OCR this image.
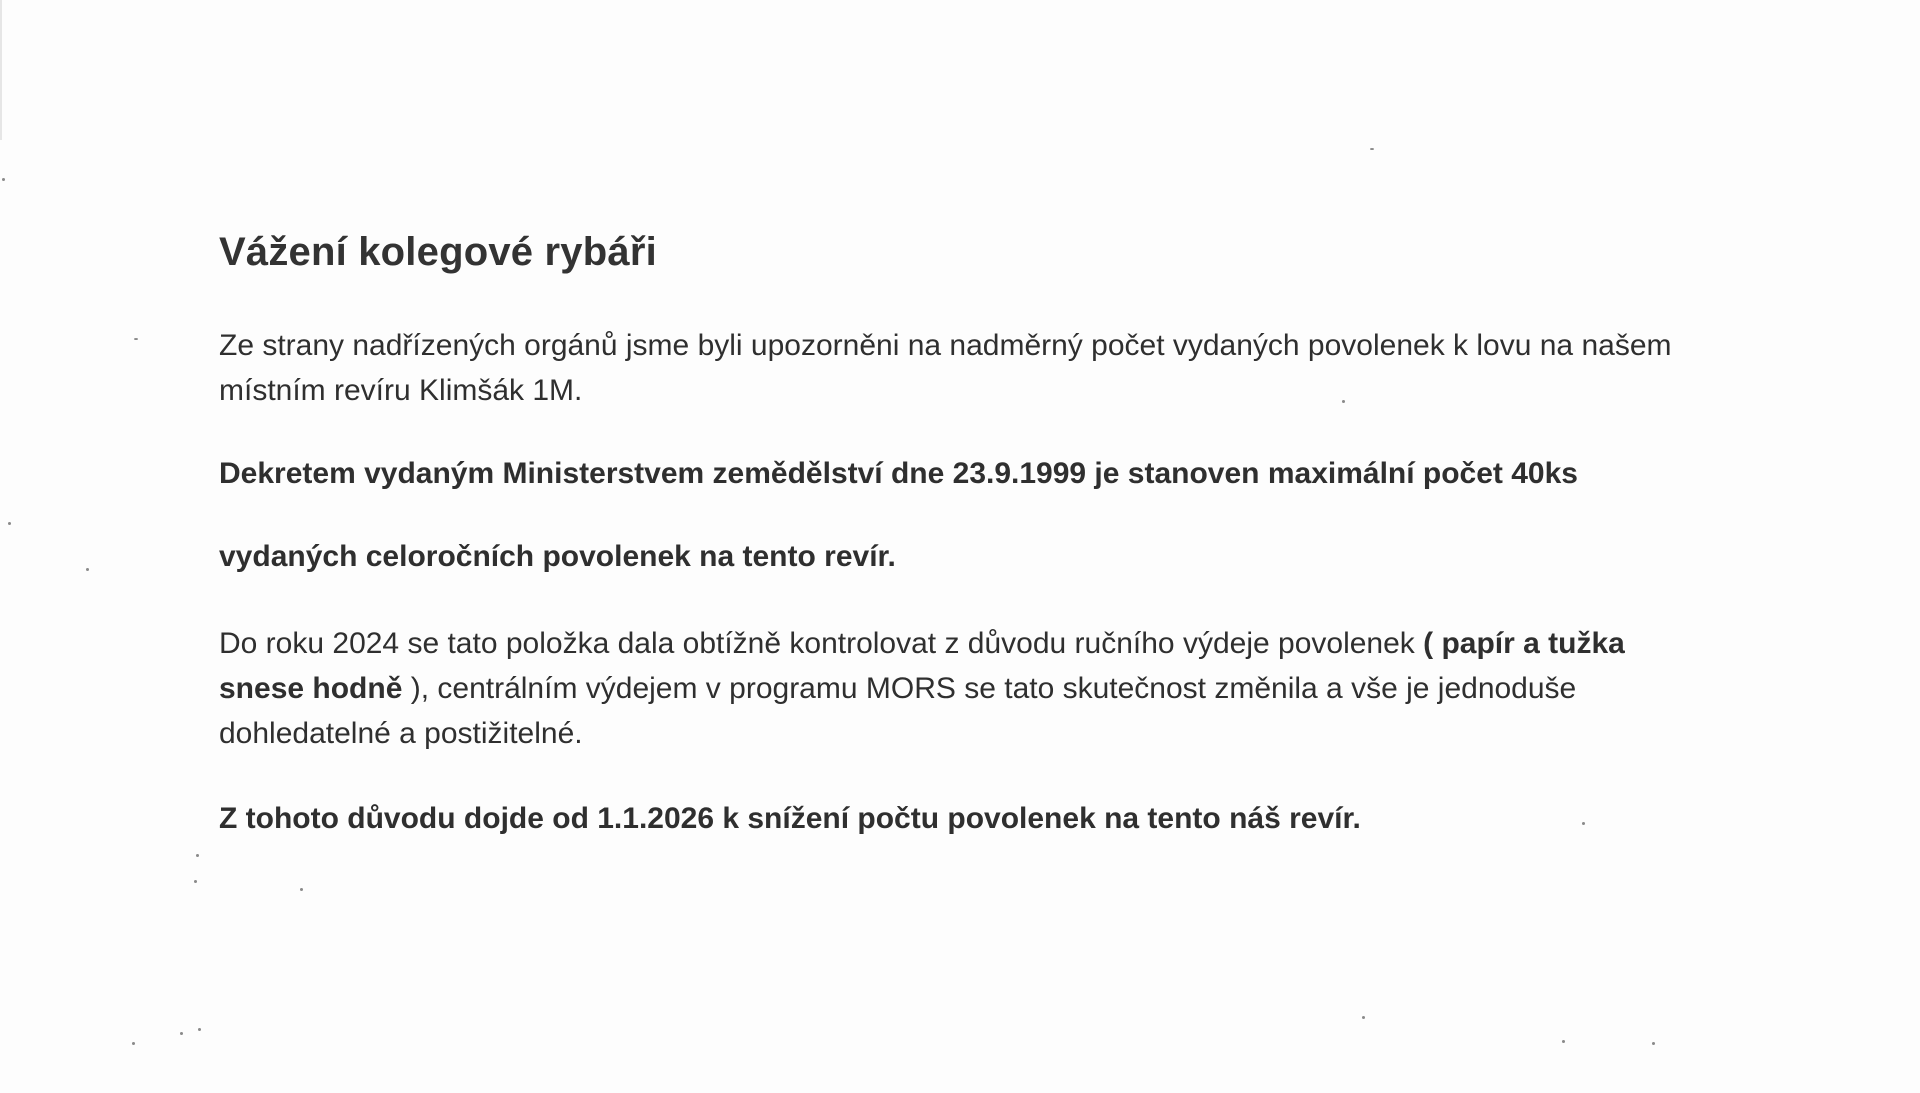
Vážení kolegové rybáři

Ze strany nadřízených orgánů jsme byli upozorněni na nadměrný počet vydaných povolenek k lovu na našem místním revíru Klimšák 1M.

Dekretem vydaným Ministerstvem zemědělství dne 23.9.1999 je stanoven maximální počet 40ks

vydaných celoročních povolenek na tento revír.

Do roku 2024 se tato položka dala obtížně kontrolovat z důvodu ručního výdeje povolenek ( papír a tužka snese hodně ), centrálním výdejem v programu MORS se tato skutečnost změnila a vše je jednoduše dohledatelné a postižitelné.

Z tohoto důvodu dojde od 1.1.2026 k snížení počtu povolenek na tento náš revír.
